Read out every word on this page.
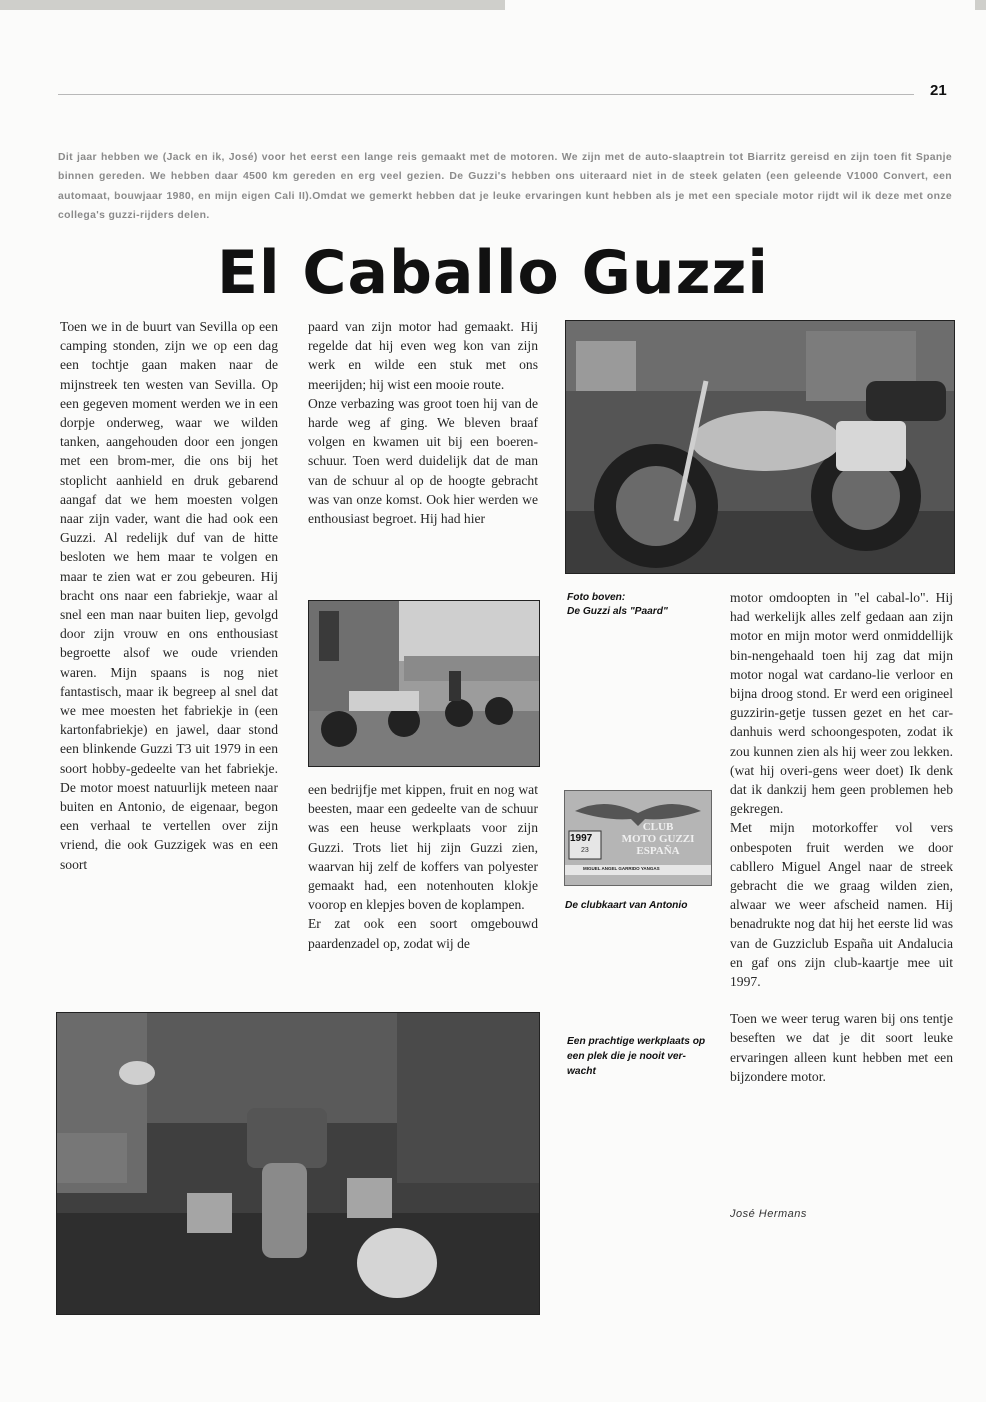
21
Dit jaar hebben we (Jack en ik, José) voor het eerst een lange reis gemaakt met de motoren. We zijn met de auto-slaaptrein tot Biarritz gereisd en zijn toen fit Spanje binnen gereden. We hebben daar 4500 km gereden en erg veel gezien. De Guzzi's hebben ons uiteraard niet in de steek gelaten (een geleende V1000 Convert, een automaat, bouwjaar 1980, en mijn eigen Cali II).Omdat we gemerkt hebben dat je leuke ervaringen kunt hebben als je met een speciale motor rijdt wil ik deze met onze collega's guzzi-rijders delen.
El Caballo Guzzi

Toen we in de buurt van Sevilla op een camping stonden, zijn we op een dag een tochtje gaan maken naar de mijnstreek ten westen van Sevilla. Op een gegeven moment werden we in een dorpje onderweg, waar we wilden tanken, aangehouden door een jongen met een brom-mer, die ons bij het stoplicht aanhield en druk gebarend aangaf dat we hem moesten volgen naar zijn vader, want die had ook een Guzzi. Al redelijk duf van de hitte besloten we hem maar te volgen en maar te zien wat er zou gebeuren. Hij bracht ons naar een fabriekje, waar al snel een man naar buiten liep, gevolgd door zijn vrouw en ons enthousiast begroette alsof we oude vrienden waren. Mijn spaans is nog niet fantastisch, maar ik begreep al snel dat we mee moesten het fabriekje in (een kartonfabriekje) en jawel, daar stond een blinkende Guzzi T3 uit 1979 in een soort hobby-gedeelte van het fabriekje. De motor moest natuurlijk meteen naar buiten en Antonio, de eigenaar, begon een verhaal te vertellen over zijn vriend, die ook Guzzigek was en een soort

paard van zijn motor had gemaakt. Hij regelde dat hij even weg kon van zijn werk en wilde een stuk met ons meerijden; hij wist een mooie route.

Onze verbazing was groot toen hij van de harde weg af ging. We bleven braaf volgen en kwamen uit bij een boeren-schuur. Toen werd duidelijk dat de man van de schuur al op de hoogte gebracht was van onze komst. Ook hier werden we enthousiast begroet. Hij had hier

een bedrijfje met kippen, fruit en nog wat beesten, maar een gedeelte van de schuur was een heuse werkplaats voor zijn Guzzi. Trots liet hij zijn Guzzi zien, waarvan hij zelf de koffers van polyester gemaakt had, een notenhouten klokje voorop en klepjes boven de koplampen.

Er zat ook een soort omgebouwd paardenzadel op, zodat wij de

motor omdoopten in "el cabal-lo". Hij had werkelijk alles zelf gedaan aan zijn motor en mijn motor werd onmiddellijk bin-nengehaald toen hij zag dat mijn motor nogal wat cardano-lie verloor en bijna droog stond. Er werd een origineel guzzirin-getje tussen gezet en het car-danhuis werd schoongespoten, zodat ik zou kunnen zien als hij weer zou lekken. (wat hij overi-gens weer doet) Ik denk dat ik dankzij hem geen problemen heb gekregen.

Met mijn motorkoffer vol vers onbespoten fruit werden we door cabllero Miguel Angel naar de streek gebracht die we graag wilden zien, alwaar we weer afscheid namen. Hij benadrukte nog dat hij het eerste lid was van de Guzziclub España uit Andalucia en gaf ons zijn club-kaartje mee uit 1997.

Toen we weer terug waren bij ons tentje beseften we dat je dit soort leuke ervaringen alleen kunt hebben met een bijzondere motor.

José Hermans
Foto boven:
De Guzzi als "Paard"
1997
23
CLUB
MOTO GUZZI
ESPAÑA
MIGUEL ANGEL GARRIDO YANGAS
De clubkaart van Antonio
Een prachtige werkplaats op een plek die je nooit ver-wacht
